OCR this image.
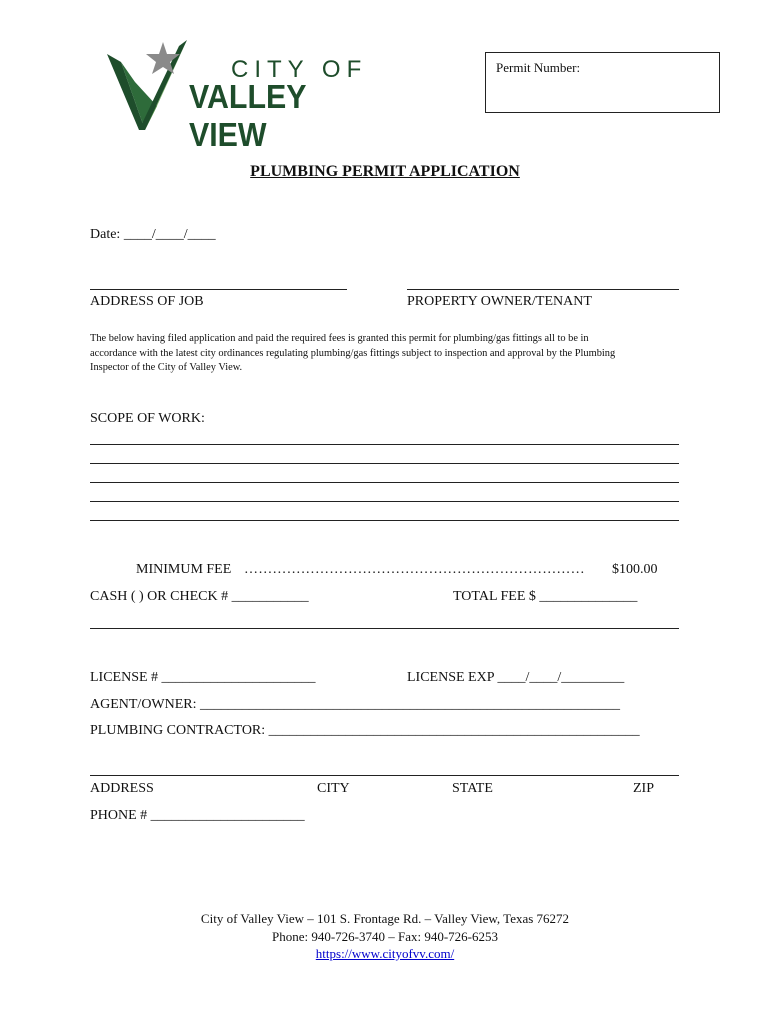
CITY OF
VALLEY VIEW
Permit Number:
PLUMBING PERMIT APPLICATION
Date: ____/____/____
ADDRESS OF JOB	PROPERTY OWNER/TENANT
The below having filed application and paid the required fees is granted this permit for plumbing/gas fittings all to be in
accordance with the latest city ordinances regulating plumbing/gas fittings subject to inspection and approval by the Plumbing
Inspector of the City of Valley View.
SCOPE OF WORK:
MINIMUM FEE ………………………………………………………………	$100.00
CASH ( ) OR CHECK # ___________	TOTAL FEE $ ______________
LICENSE # ______________________	LICENSE EXP ____/____/_________
AGENT/OWNER: ____________________________________________________________
PLUMBING CONTRACTOR: _____________________________________________________
ADDRESS	CITY	STATE	ZIP
PHONE # ______________________
City of Valley View – 101 S. Frontage Rd. – Valley View, Texas 76272
Phone: 940-726-3740 – Fax: 940-726-6253
https://www.cityofvv.com/
